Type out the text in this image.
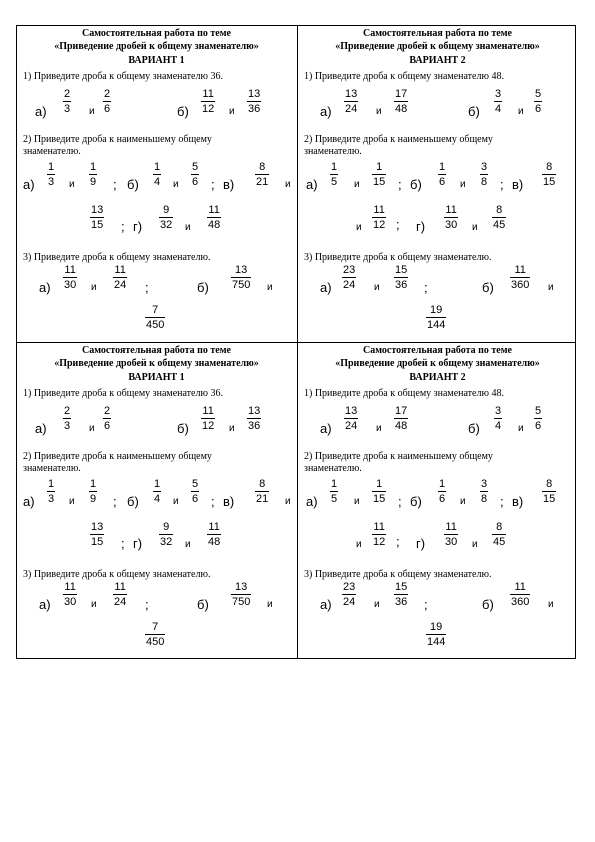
Самостоятельная работа по теме
«Приведение дробей к общему знаменателю»
ВАРИАНТ 1
1) Приведите дроба к общему знаменателю 36.
а)
2
3 и
2
6	б)
11
12 и
13
36
2) Приведите дроба к наименьшему общему
знаменателю.
а)
1
3 и
1
9 ; б)
1
4 и
5
6 ; в)
8
21 и
13
15 ; г)
9
32 и
11
48
3) Приведите дроба к общему знаменателю.
а)
11
30 и
11
24 ;	б)
13
750 и
7
450
Самостоятельная работа по теме
«Приведение дробей к общему знаменателю»
ВАРИАНТ 2
1) Приведите дроба к общему знаменателю 48.
а)
13
24 и
17
48	б)
3
4 и
5
6
2) Приведите дроба к наименьшему общему
знаменателю.
а)
1
5 и
1
15 ; б)
1
6 и
3
8 ; в)
8
15
и
11
12 ; г)
11
30 и
8
45
3) Приведите дроба к общему знаменателю.
а)
23
24 и
15
36 ;	б)
11
360 и
19
144
Самостоятельная работа по теме
«Приведение дробей к общему знаменателю»
ВАРИАНТ 1
1) Приведите дроба к общему знаменателю 36.
а)
2
3 и
2
6	б)
11
12 и
13
36
2) Приведите дроба к наименьшему общему
знаменателю.
а)
1
3 и
1
9 ; б)
1
4 и
5
6 ; в)
8
21 и
13
15 ; г)
9
32 и
11
48
3) Приведите дроба к общему знаменателю.
а)
11
30 и
11
24 ;	б)
13
750 и
7
450
Самостоятельная работа по теме
«Приведение дробей к общему знаменателю»
ВАРИАНТ 2
1) Приведите дроба к общему знаменателю 48.
а)
13
24 и
17
48	б)
3
4 и
5
6
2) Приведите дроба к наименьшему общему
знаменателю.
а)
1
5 и
1
15 ; б)
1
6 и
3
8 ; в)
8
15
и
11
12 ; г)
11
30 и
8
45
3) Приведите дроба к общему знаменателю.
а)
23
24 и
15
36 ;	б)
11
360 и
19
144
